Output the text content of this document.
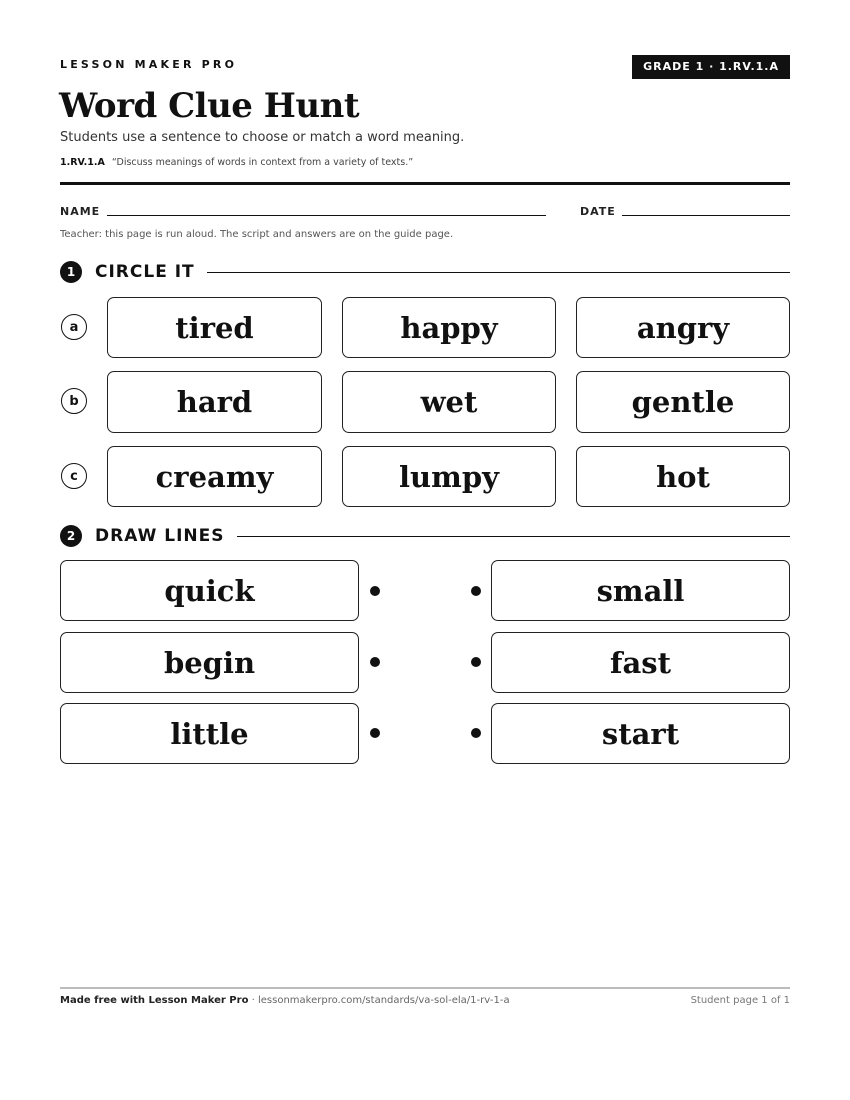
LESSON MAKER PRO	GRADE 1 · 1.RV.1.A
Word Clue Hunt
Students use a sentence to choose or match a word meaning.
1.RV.1.A “Discuss meanings of words in context from a variety of texts.”
NAME	DATE
Teacher: this page is run aloud. The script and answers are on the guide page.
1	CIRCLE IT
a	tired	happy	angry
b	hard	wet	gentle
c	creamy	lumpy	hot
2	DRAW LINES
quick	small
begin	fast
little	start
Made free with Lesson Maker Pro · lessonmakerpro.com/standards/va-sol-ela/1-rv-1-a	Student page 1 of 1
